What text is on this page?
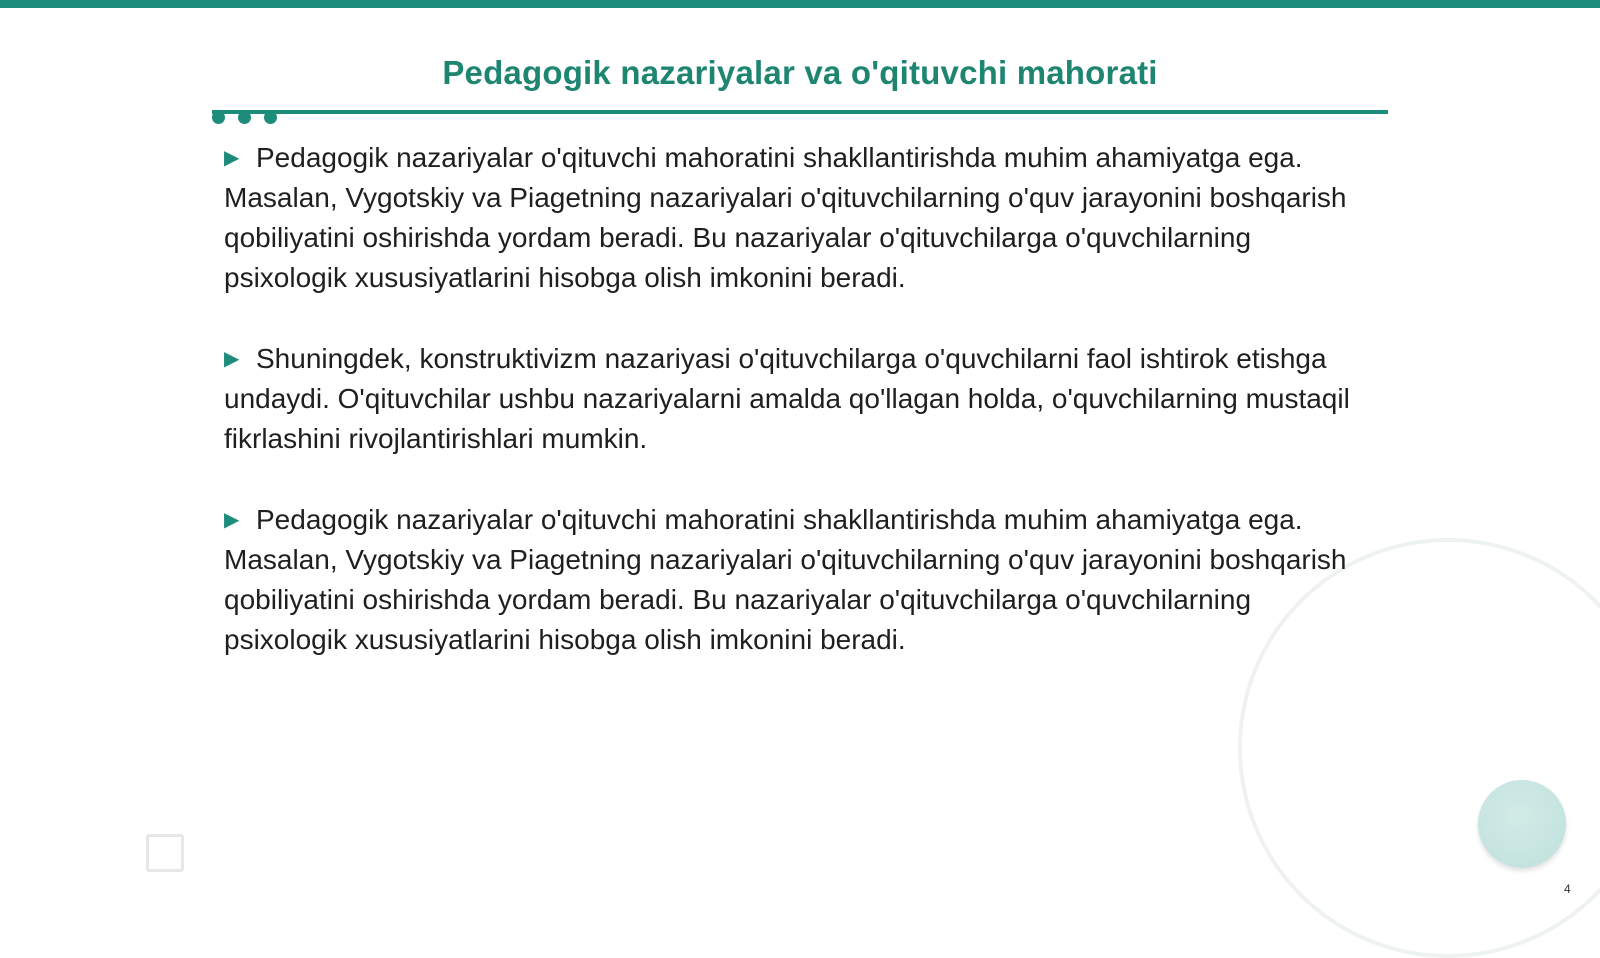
Pedagogik nazariyalar va o'qituvchi mahorati

▶ Pedagogik nazariyalar o'qituvchi mahoratini shakllantirishda muhim ahamiyatga ega. Masalan, Vygotskiy va Piagetning nazariyalari o'qituvchilarning o'quv jarayonini boshqarish qobiliyatini oshirishda yordam beradi. Bu nazariyalar o'qituvchilarga o'quvchilarning psixologik xususiyatlarini hisobga olish imkonini beradi.

▶ Shuningdek, konstruktivizm nazariyasi o'qituvchilarga o'quvchilarni faol ishtirok etishga undaydi. O'qituvchilar ushbu nazariyalarni amalda qo'llagan holda, o'quvchilarning mustaqil fikrlashini rivojlantirishlari mumkin.

▶ Pedagogik nazariyalar o'qituvchi mahoratini shakllantirishda muhim ahamiyatga ega. Masalan, Vygotskiy va Piagetning nazariyalari o'qituvchilarning o'quv jarayonini boshqarish qobiliyatini oshirishda yordam beradi. Bu nazariyalar o'qituvchilarga o'quvchilarning psixologik xususiyatlarini hisobga olish imkonini beradi.

4
